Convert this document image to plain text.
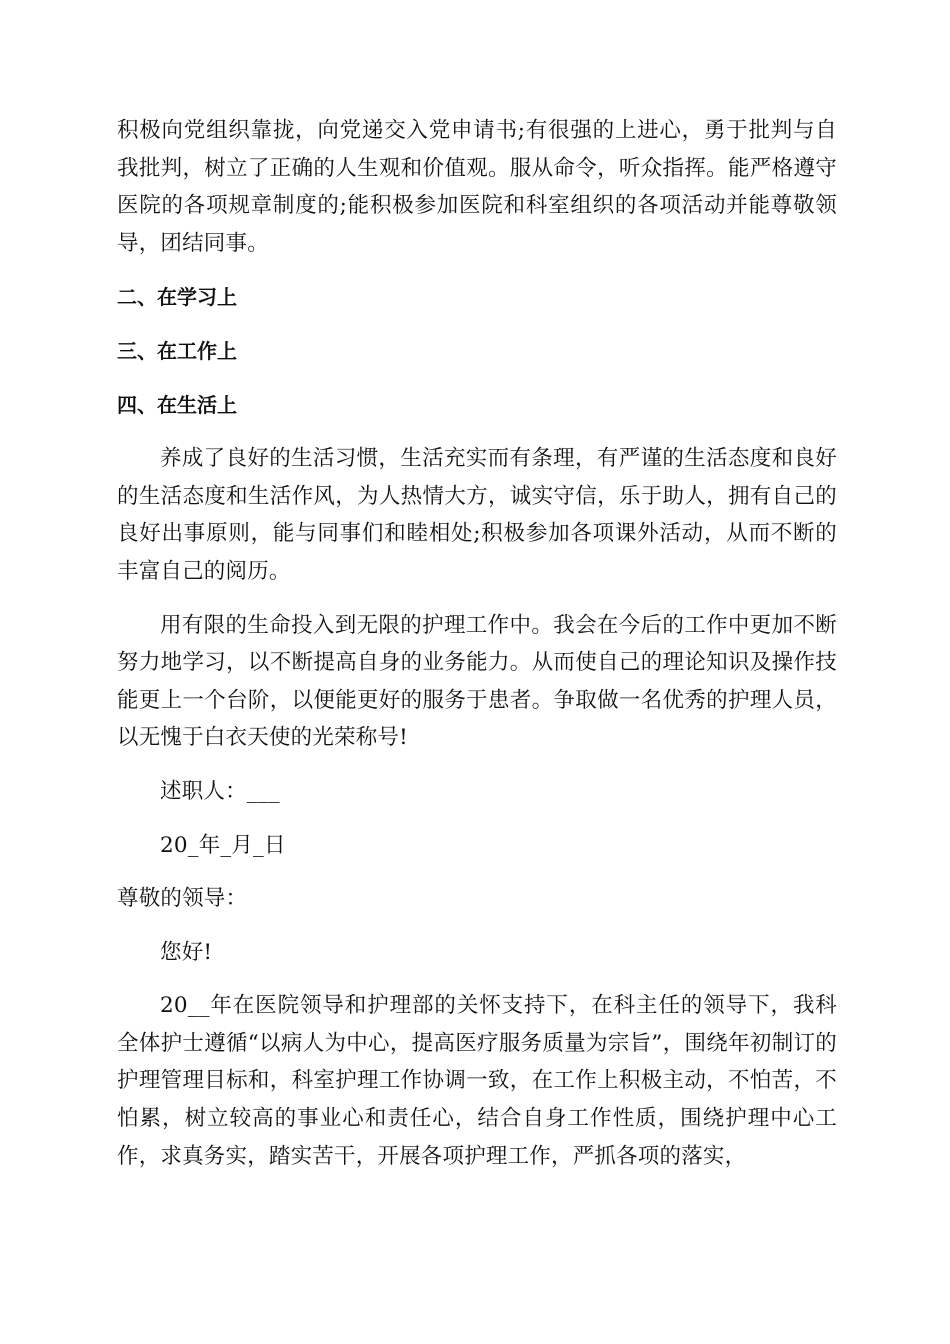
积极向党组织靠拢，向党递交入党申请书;有很强的上进心，勇于批判与自我批判，树立了正确的人生观和价值观。服从命令，听众指挥。能严格遵守医院的各项规章制度的;能积极参加医院和科室组织的各项活动并能尊敬领导，团结同事。

二、在学习上

三、在工作上

四、在生活上

养成了良好的生活习惯，生活充实而有条理，有严谨的生活态度和良好的生活态度和生活作风，为人热情大方，诚实守信，乐于助人，拥有自己的良好出事原则，能与同事们和睦相处;积极参加各项课外活动，从而不断的丰富自己的阅历。

用有限的生命投入到无限的护理工作中。我会在今后的工作中更加不断努力地学习，以不断提高自身的业务能力。从而使自己的理论知识及操作技能更上一个台阶，以便能更好的服务于患者。争取做一名优秀的护理人员，以无愧于白衣天使的光荣称号!

述职人：___

20_年_月_日

尊敬的领导：

您好!

20__年在医院领导和护理部的关怀支持下，在科主任的领导下，我科全体护士遵循“以病人为中心，提高医疗服务质量为宗旨”，围绕年初制订的护理管理目标和，科室护理工作协调一致，在工作上积极主动，不怕苦，不怕累，树立较高的事业心和责任心，结合自身工作性质，围绕护理中心工作，求真务实，踏实苦干，开展各项护理工作，严抓各项的落实，
